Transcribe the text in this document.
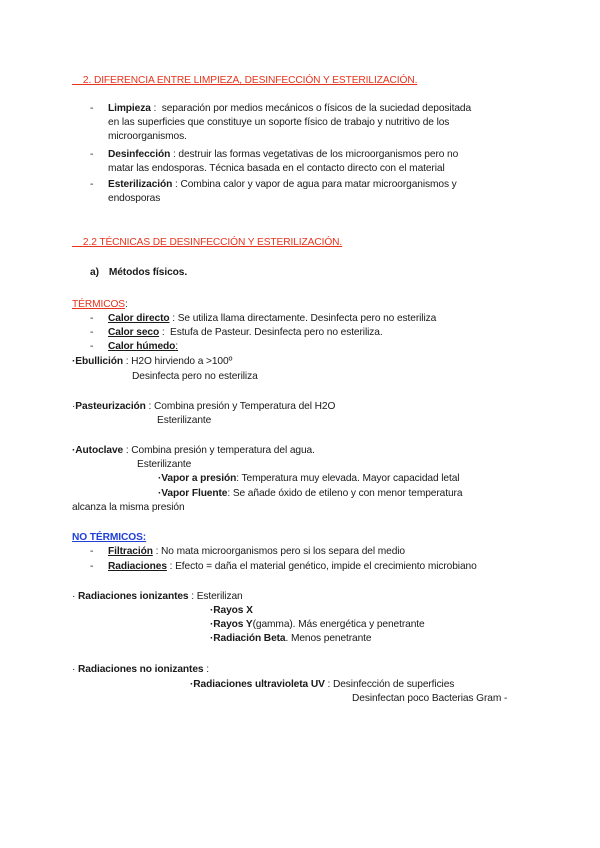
2. DIFERENCIA ENTRE LIMPIEZA, DESINFECCIÓN Y ESTERILIZACIÓN.
- Limpieza :  separación por medios mecánicos o físicos de la suciedad depositada
en las superficies que constituye un soporte físico de trabajo y nutritivo de los
microorganismos.
- Desinfección : destruir las formas vegetativas de los microorganismos pero no
matar las endosporas. Técnica basada en el contacto directo con el material
- Esterilización : Combina calor y vapor de agua para matar microorganismos y
endosporas
2.2 TÉCNICAS DE DESINFECCIÓN Y ESTERILIZACIÓN.
a) Métodos físicos.
TÉRMICOS:
- Calor directo : Se utiliza llama directamente. Desinfecta pero no esteriliza
- Calor seco :  Estufa de Pasteur. Desinfecta pero no esteriliza.
- Calor húmedo:
·Ebullición : H2O hirviendo a >100º
Desinfecta pero no esteriliza
·Pasteurización : Combina presión y Temperatura del H2O
Esterilizante
·Autoclave : Combina presión y temperatura del agua.
Esterilizante
·Vapor a presión: Temperatura muy elevada. Mayor capacidad letal
·Vapor Fluente: Se añade óxido de etileno y con menor temperatura
alcanza la misma presión
NO TÉRMICOS:
- Filtración : No mata microorganismos pero si los separa del medio
- Radiaciones : Efecto = daña el material genético, impide el crecimiento microbiano
· Radiaciones ionizantes : Esterilizan
·Rayos X
·Rayos Y(gamma). Más energética y penetrante
·Radiación Beta. Menos penetrante
· Radiaciones no ionizantes :
·Radiaciones ultravioleta UV : Desinfección de superficies
Desinfectan poco Bacterias Gram -
